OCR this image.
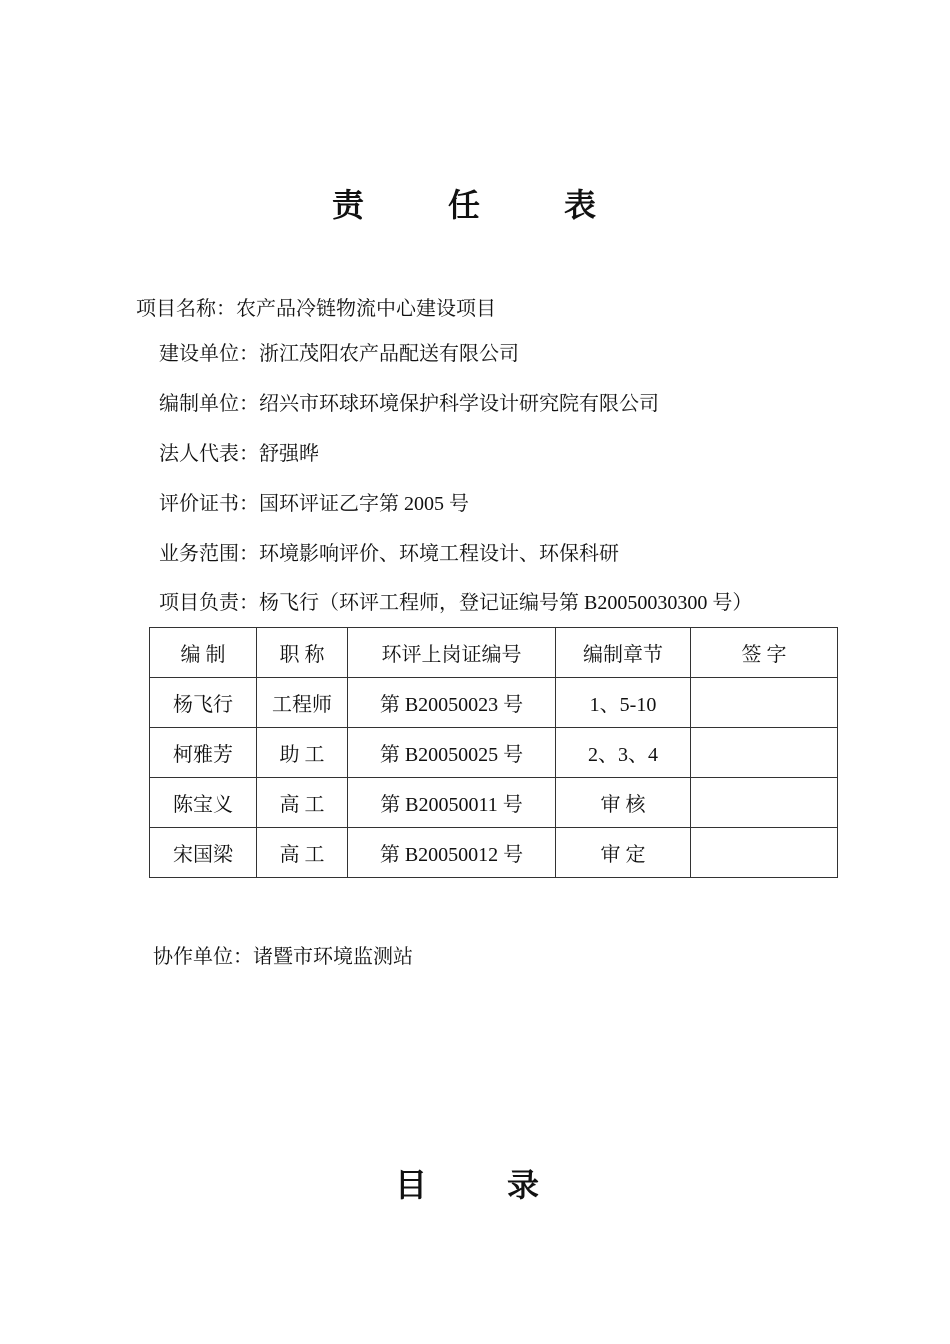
责 任 表
项目名称：农产品冷链物流中心建设项目
建设单位：浙江茂阳农产品配送有限公司
编制单位：绍兴市环球环境保护科学设计研究院有限公司
法人代表：舒强晔
评价证书：国环评证乙字第 2005 号
业务范围：环境影响评价、环境工程设计、环保科研
项目负责：杨飞行（环评工程师，登记证编号第 B20050030300 号）
编 制	职 称	环评上岗证编号	编制章节	签 字
杨飞行	工程师	第 B20050023 号	1、5-10	
柯雅芳	助 工	第 B20050025 号	2、3、4	
陈宝义	高 工	第 B20050011 号	审 核	
宋国梁	高 工	第 B20050012 号	审 定	
协作单位：诸暨市环境监测站
目 录
